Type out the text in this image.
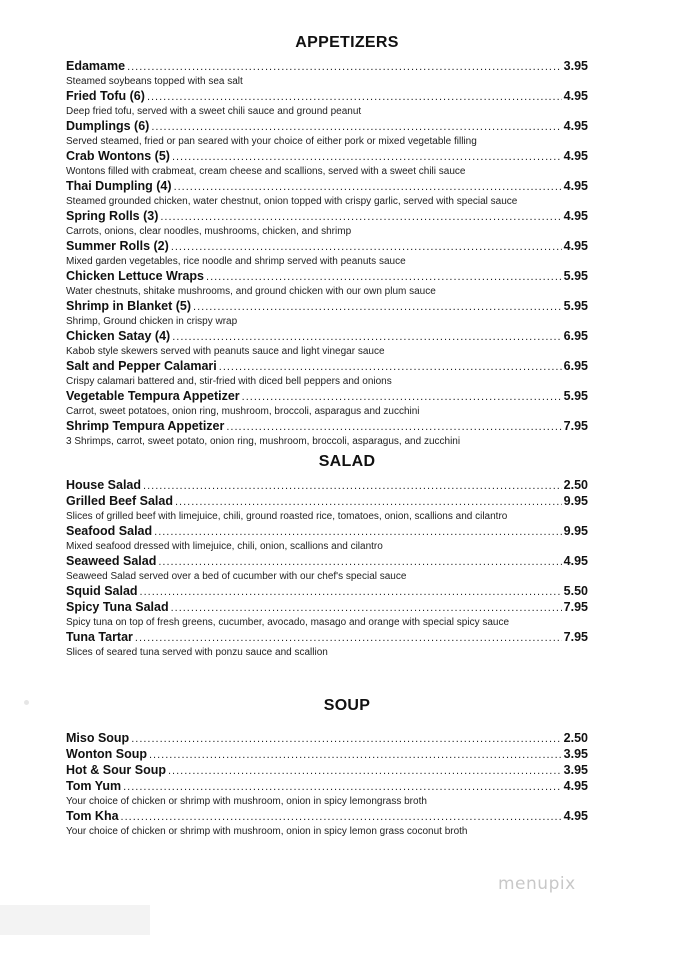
APPETIZERS
Edamame .....	3.95
Steamed soybeans topped with sea salt
Fried Tofu (6) .....	4.95
Deep fried tofu, served with a sweet chili sauce and ground peanut
Dumplings (6) .....	4.95
Served steamed, fried or pan seared with your choice of either pork or mixed vegetable filling
Crab Wontons (5) .....	4.95
Wontons filled with crabmeat, cream cheese and scallions, served with a sweet chili sauce
Thai Dumpling (4) .....	4.95
Steamed grounded chicken, water chestnut, onion topped with crispy garlic, served with special sauce
Spring Rolls (3) .....	4.95
Carrots, onions, clear noodles, mushrooms, chicken, and shrimp
Summer Rolls (2) .....	4.95
Mixed garden vegetables, rice noodle and shrimp served with peanuts sauce
Chicken Lettuce Wraps .....	5.95
Water chestnuts, shitake mushrooms, and ground chicken with our own plum sauce
Shrimp in Blanket (5) .....	5.95
Shrimp, Ground chicken in crispy wrap
Chicken Satay (4) .....	6.95
Kabob style skewers served with peanuts sauce and light vinegar sauce
Salt and Pepper Calamari .....	6.95
Crispy calamari battered and, stir-fried with diced bell peppers and onions
Vegetable Tempura Appetizer .....	5.95
Carrot, sweet potatoes, onion ring, mushroom, broccoli, asparagus and zucchini
Shrimp Tempura Appetizer .....	7.95
3 Shrimps, carrot, sweet potato, onion ring, mushroom, broccoli, asparagus, and zucchini
SALAD
House Salad .....	2.50
Grilled Beef Salad .....	9.95
Slices of grilled beef with limejuice, chili, ground roasted rice, tomatoes, onion, scallions and cilantro
Seafood Salad .....	9.95
Mixed seafood dressed with limejuice, chili, onion, scallions and cilantro
Seaweed Salad .....	4.95
Seaweed Salad served over a bed of cucumber with our chef's special sauce
Squid Salad .....	5.50
Spicy Tuna Salad .....	7.95
Spicy tuna on top of fresh greens, cucumber, avocado, masago and orange with special spicy sauce
Tuna Tartar .....	7.95
Slices of seared tuna served with ponzu sauce and scallion
SOUP
Miso Soup .....	2.50
Wonton Soup .....	3.95
Hot & Sour Soup .....	3.95
Tom Yum .....	4.95
Your choice of chicken or shrimp with mushroom, onion in spicy lemongrass broth
Tom Kha .....	4.95
Your choice of chicken or shrimp with mushroom, onion in spicy lemon grass coconut broth
menupix
